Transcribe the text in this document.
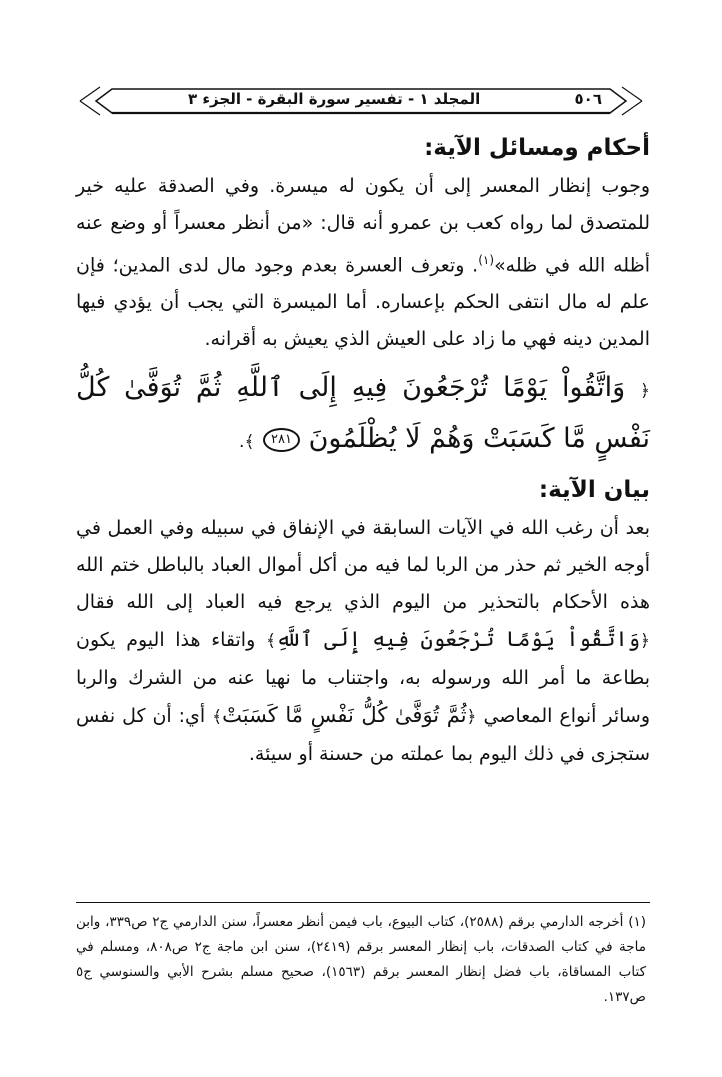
٥٠٦
المجلد ١ - تفسير سورة البقرة - الجزء ٣
أحكام ومسائل الآية:

وجوب إنظار المعسر إلى أن يكون له ميسرة. وفي الصدقة عليه خير للمتصدق لما رواه كعب بن عمرو أنه قال: «من أنظر معسراً أو وضع عنه أظله الله في ظله»$^{(١)}$. وتعرف العسرة بعدم وجود مال لدى المدين؛ فإن علم له مال انتفى الحكم بإعساره. أما الميسرة التي يجب أن يؤدي فيها المدين دينه فهي ما زاد على العيش الذي يعيش به أقرانه.

﴿ وَاتَّقُواْ يَوْمًا تُرْجَعُونَ فِيهِ إِلَى ٱللَّهِ ثُمَّ تُوَفَّىٰ كُلُّ نَفْسٍ مَّا كَسَبَتْ وَهُمْ لَا يُظْلَمُونَ ٢٨١ ﴾.

بيان الآية:

بعد أن رغب الله في الآيات السابقة في الإنفاق في سبيله وفي العمل في أوجه الخير ثم حذر من الربا لما فيه من أكل أموال العباد بالباطل ختم الله هذه الأحكام بالتحذير من اليوم الذي يرجع فيه العباد إلى الله فقال ﴿وَاتَّقُواْ يَوْمًا تُرْجَعُونَ فِيهِ إِلَى ٱللَّهِ﴾ واتقاء هذا اليوم يكون بطاعة ما أمر الله ورسوله به، واجتناب ما نهيا عنه من الشرك والربا وسائر أنواع المعاصي ﴿ثُمَّ تُوَفَّىٰ كُلُّ نَفْسٍ مَّا كَسَبَتْ﴾ أي: أن كل نفس ستجزى في ذلك اليوم بما عملته من حسنة أو سيئة.

(١) أخرجه الدارمي برقم (٢٥٨٨)، كتاب البيوع، باب فيمن أنظر معسراً، سنن الدارمي ج٢ ص٣٣٩، وابن ماجة في كتاب الصدقات، باب إنظار المعسر برقم (٢٤١٩)، سنن ابن ماجة ج٢ ص٨٠٨، ومسلم في كتاب المساقاة، باب فضل إنظار المعسر برقم (١٥٦٣)، صحيح مسلم بشرح الأبي والسنوسي ج٥ ص١٣٧.
